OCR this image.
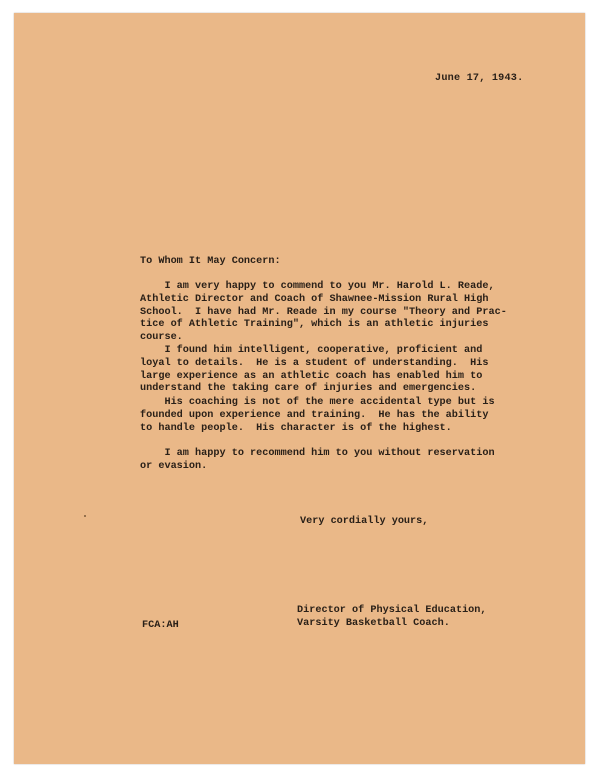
June 17, 1943.
To Whom It May Concern:
I am very happy to commend to you Mr. Harold L. Reade,
Athletic Director and Coach of Shawnee-Mission Rural High
School.  I have had Mr. Reade in my course "Theory and Prac-
tice of Athletic Training", which is an athletic injuries
course.
I found him intelligent, cooperative, proficient and
loyal to details.  He is a student of understanding.  His
large experience as an athletic coach has enabled him to
understand the taking care of injuries and emergencies.
His coaching is not of the mere accidental type but is
founded upon experience and training.  He has the ability
to handle people.  His character is of the highest.
I am happy to recommend him to you without reservation
or evasion.
Very cordially yours,
FCA:AH
Director of Physical Education,
Varsity Basketball Coach.
